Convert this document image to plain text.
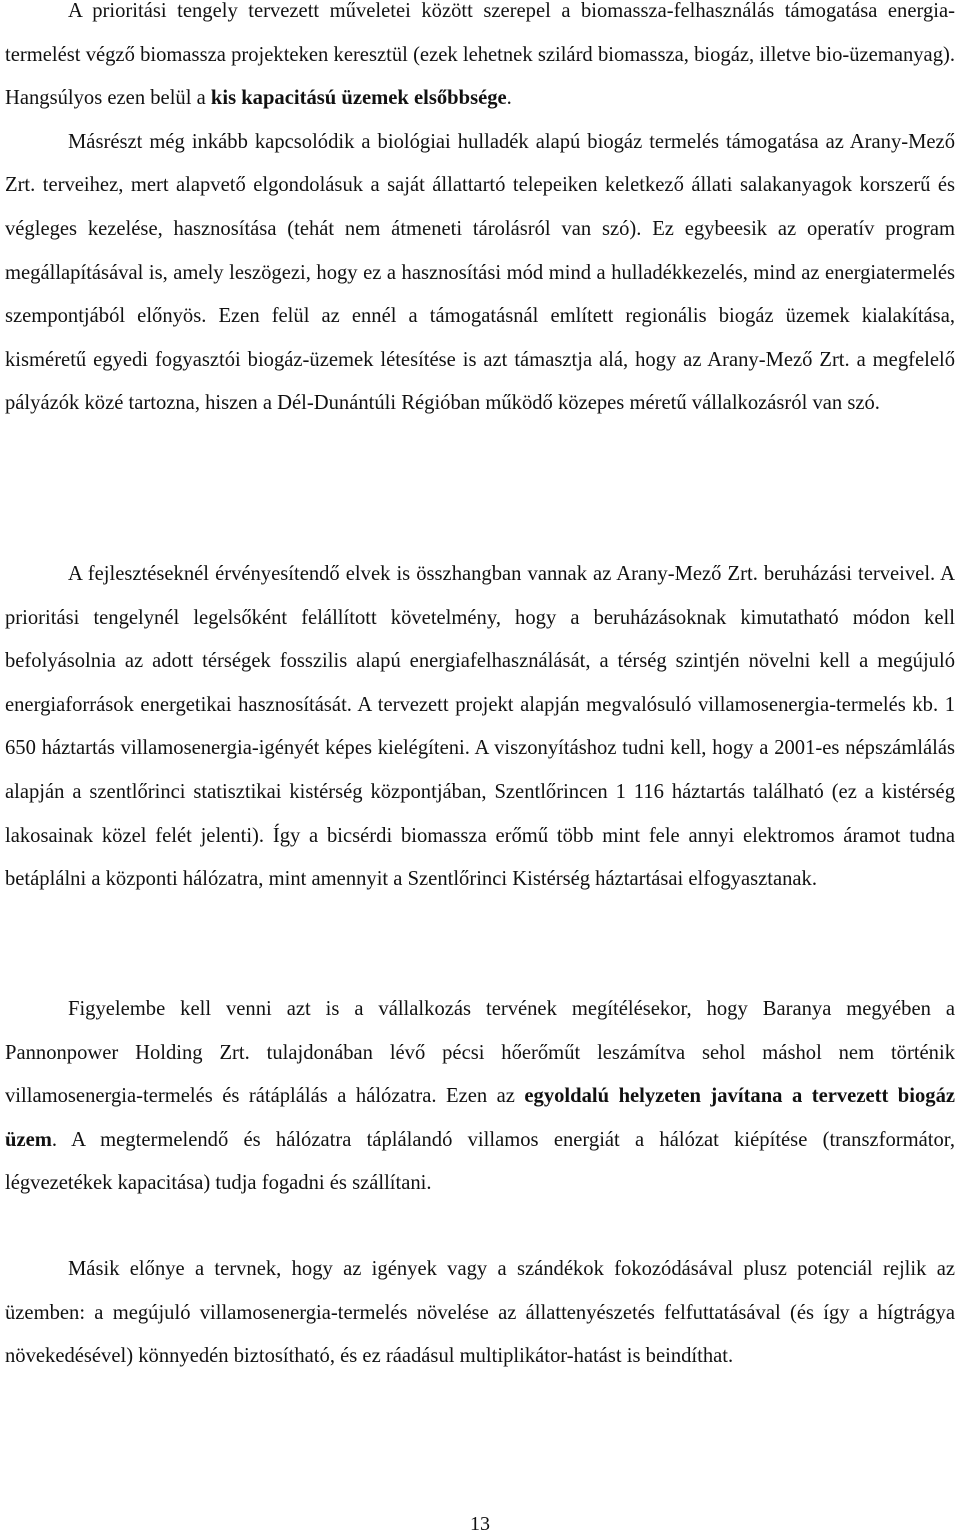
A prioritási tengely tervezett műveletei között szerepel a biomassza-felhasználás támogatása energia-termelést végző biomassza projekteken keresztül (ezek lehetnek szilárd biomassza, biogáz, illetve bio-üzemanyag). Hangsúlyos ezen belül a kis kapacitású üzemek elsőbbsége.
Másrészt még inkább kapcsolódik a biológiai hulladék alapú biogáz termelés támogatása az Arany-Mező Zrt. terveihez, mert alapvető elgondolásuk a saját állattartó telepeiken keletkező állati salakanyagok korszerű és végleges kezelése, hasznosítása (tehát nem átmeneti tárolásról van szó). Ez egybeesik az operatív program megállapításával is, amely leszögezi, hogy ez a hasznosítási mód mind a hulladékkezelés, mind az energiatermelés szempontjából előnyös. Ezen felül az ennél a támogatásnál említett regionális biogáz üzemek kialakítása, kisméretű egyedi fogyasztói biogáz-üzemek létesítése is azt támasztja alá, hogy az Arany-Mező Zrt. a megfelelő pályázók közé tartozna, hiszen a Dél-Dunántúli Régióban működő közepes méretű vállalkozásról van szó.

A fejlesztéseknél érvényesítendő elvek is összhangban vannak az Arany-Mező Zrt. beruházási terveivel. A prioritási tengelynél legelsőként felállított követelmény, hogy a beruházásoknak kimutatható módon kell befolyásolnia az adott térségek fosszilis alapú energiafelhasználását, a térség szintjén növelni kell a megújuló energiaforrások energetikai hasznosítását. A tervezett projekt alapján megvalósuló villamosenergia-termelés kb. 1 650 háztartás villamosenergia-igényét képes kielégíteni. A viszonyításhoz tudni kell, hogy a 2001-es népszámlálás alapján a szentlőrinci statisztikai kistérség központjában, Szentlőrincen 1 116 háztartás található (ez a kistérség lakosainak közel felét jelenti). Így a bicsérdi biomassza erőmű több mint fele annyi elektromos áramot tudna betáplálni a központi hálózatra, mint amennyit a Szentlőrinci Kistérség háztartásai elfogyasztanak.

Figyelembe kell venni azt is a vállalkozás tervének megítélésekor, hogy Baranya megyében a Pannonpower Holding Zrt. tulajdonában lévő pécsi hőerőműt leszámítva sehol máshol nem történik villamosenergia-termelés és rátáplálás a hálózatra. Ezen az egyoldalú helyzeten javítana a tervezett biogáz üzem. A megtermelendő és hálózatra táplálandó villamos energiát a hálózat kiépítése (transzformátor, légvezetékek kapacitása) tudja fogadni és szállítani.

Másik előnye a tervnek, hogy az igények vagy a szándékok fokozódásával plusz potenciál rejlik az üzemben: a megújuló villamosenergia-termelés növelése az állattenyészetés felfuttatásával (és így a hígtrágya növekedésével) könnyedén biztosítható, és ez ráadásul multiplikátor-hatást is beindíthat.

13
